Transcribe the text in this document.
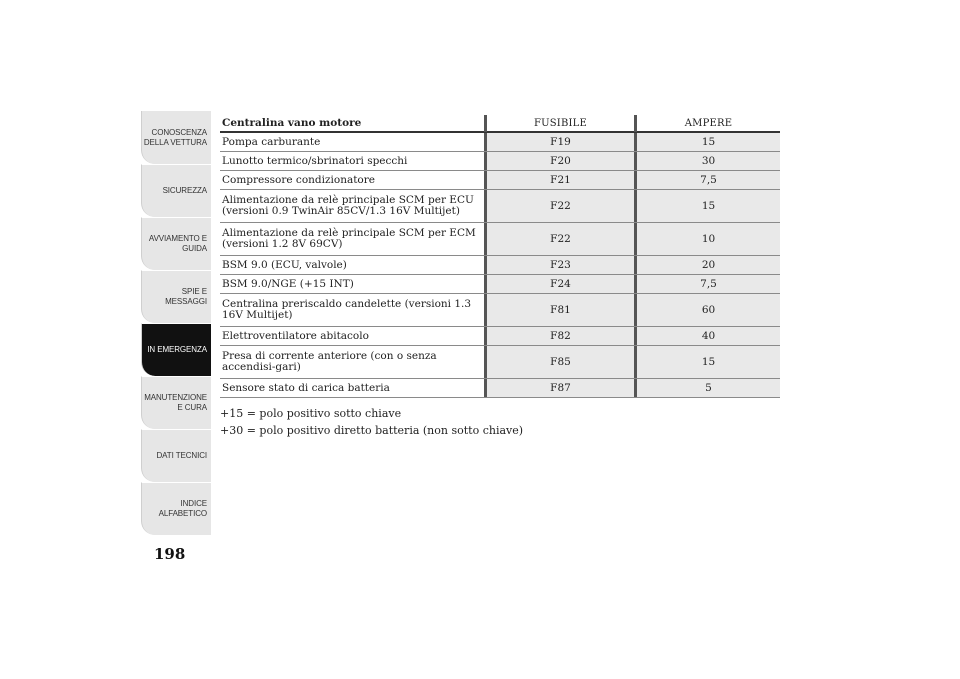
CONOSCENZA DELLA VETTURA
SICUREZZA
AVVIAMENTO E GUIDA
SPIE E MESSAGGI
IN EMERGENZA
MANUTENZIONE E CURA
DATI TECNICI
INDICE ALFABETICO
198
Centralina vano motore	FUSIBILE	AMPERE
Pompa carburante	F19	15
Lunotto termico/sbrinatori specchi	F20	30
Compressore condizionatore	F21	7,5
Alimentazione da relè principale SCM per ECU (versioni 0.9 TwinAir 85CV/1.3 16V Multijet)	F22	15
Alimentazione da relè principale SCM per ECM (versioni 1.2 8V 69CV)	F22	10
BSM 9.0 (ECU, valvole)	F23	20
BSM 9.0/NGE (+15 INT)	F24	7,5
Centralina preriscaldo candelette (versioni 1.3 16V Multijet)	F81	60
Elettroventilatore abitacolo	F82	40
Presa di corrente anteriore (con o senza accendisi-gari)	F85	15
Sensore stato di carica batteria	F87	5
+15 = polo positivo sotto chiave
+30 = polo positivo diretto batteria (non sotto chiave)
